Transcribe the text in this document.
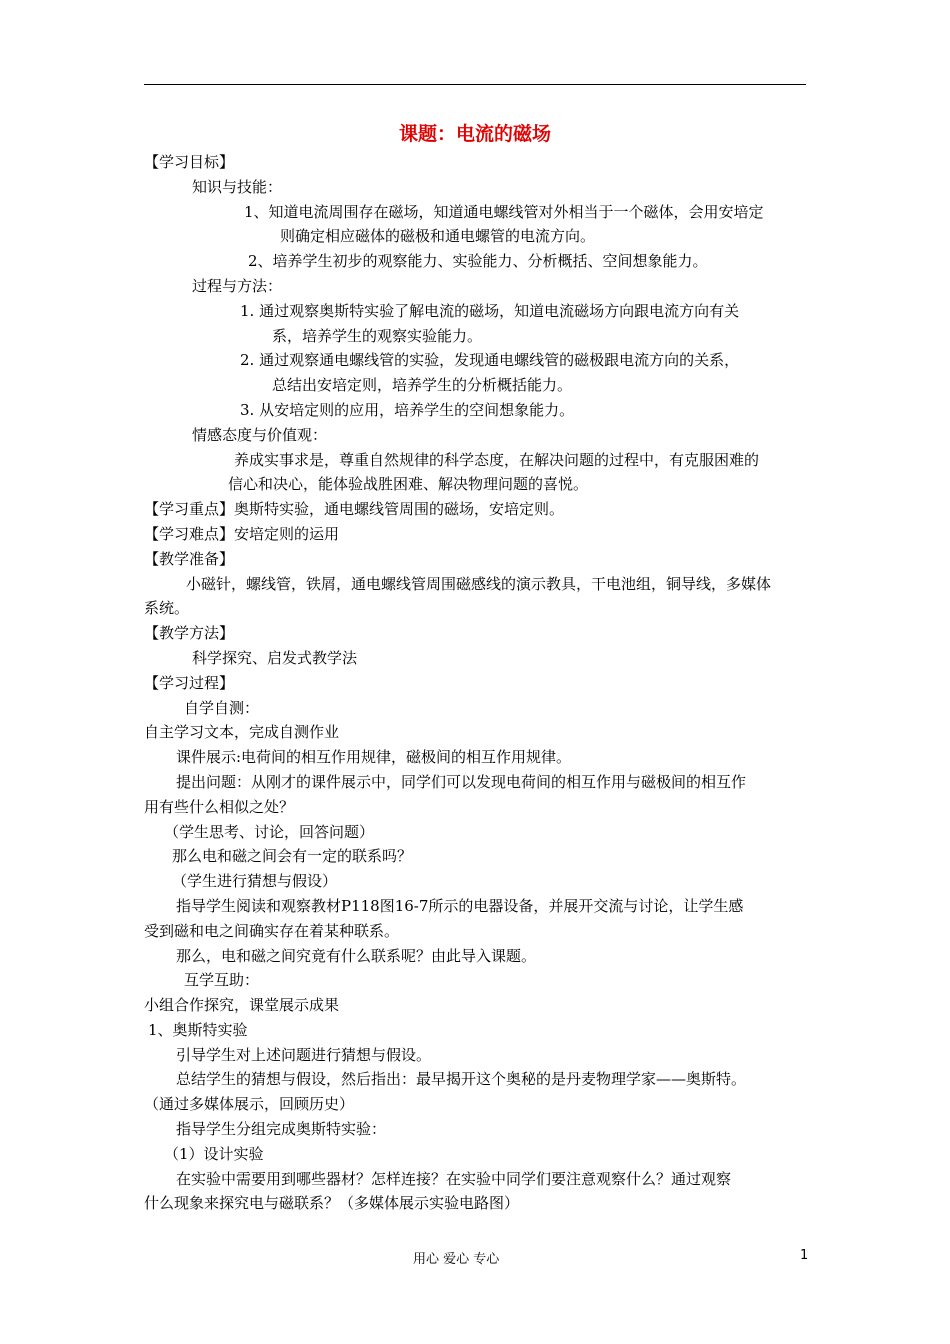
课题：电流的磁场
【学习目标】
知识与技能：
1、知道电流周围存在磁场，知道通电螺线管对外相当于一个磁体，会用安培定
则确定相应磁体的磁极和通电螺管的电流方向。
2、培养学生初步的观察能力、实验能力、分析概括、空间想象能力。
过程与方法：
1. 通过观察奥斯特实验了解电流的磁场，知道电流磁场方向跟电流方向有关
系，培养学生的观察实验能力。
2. 通过观察通电螺线管的实验，发现通电螺线管的磁极跟电流方向的关系，
总结出安培定则，培养学生的分析概括能力。
3. 从安培定则的应用，培养学生的空间想象能力。
情感态度与价值观：
养成实事求是，尊重自然规律的科学态度，在解决问题的过程中，有克服困难的
信心和决心，能体验战胜困难、解决物理问题的喜悦。
【学习重点】奥斯特实验，通电螺线管周围的磁场，安培定则。
【学习难点】安培定则的运用
【教学准备】
小磁针，螺线管，铁屑，通电螺线管周围磁感线的演示教具，干电池组，铜导线，多媒体
系统。
【教学方法】
科学探究、启发式教学法
【学习过程】
自学自测：
自主学习文本，完成自测作业
课件展示:电荷间的相互作用规律，磁极间的相互作用规律。
提出问题：从刚才的课件展示中，同学们可以发现电荷间的相互作用与磁极间的相互作
用有些什么相似之处？
（学生思考、讨论，回答问题）
那么电和磁之间会有一定的联系吗？
（学生进行猜想与假设）
指导学生阅读和观察教材P118图16-7所示的电器设备，并展开交流与讨论，让学生感
受到磁和电之间确实存在着某种联系。
那么，电和磁之间究竟有什么联系呢？由此导入课题。
互学互助：
小组合作探究，课堂展示成果
1、奥斯特实验
引导学生对上述问题进行猜想与假设。
总结学生的猜想与假设，然后指出：最早揭开这个奥秘的是丹麦物理学家——奥斯特。
（通过多媒体展示，回顾历史）
指导学生分组完成奥斯特实验：
（1）设计实验
在实验中需要用到哪些器材？怎样连接？在实验中同学们要注意观察什么？通过观察
什么现象来探究电与磁联系？（多媒体展示实验电路图）
用心 爱心 专心	1
